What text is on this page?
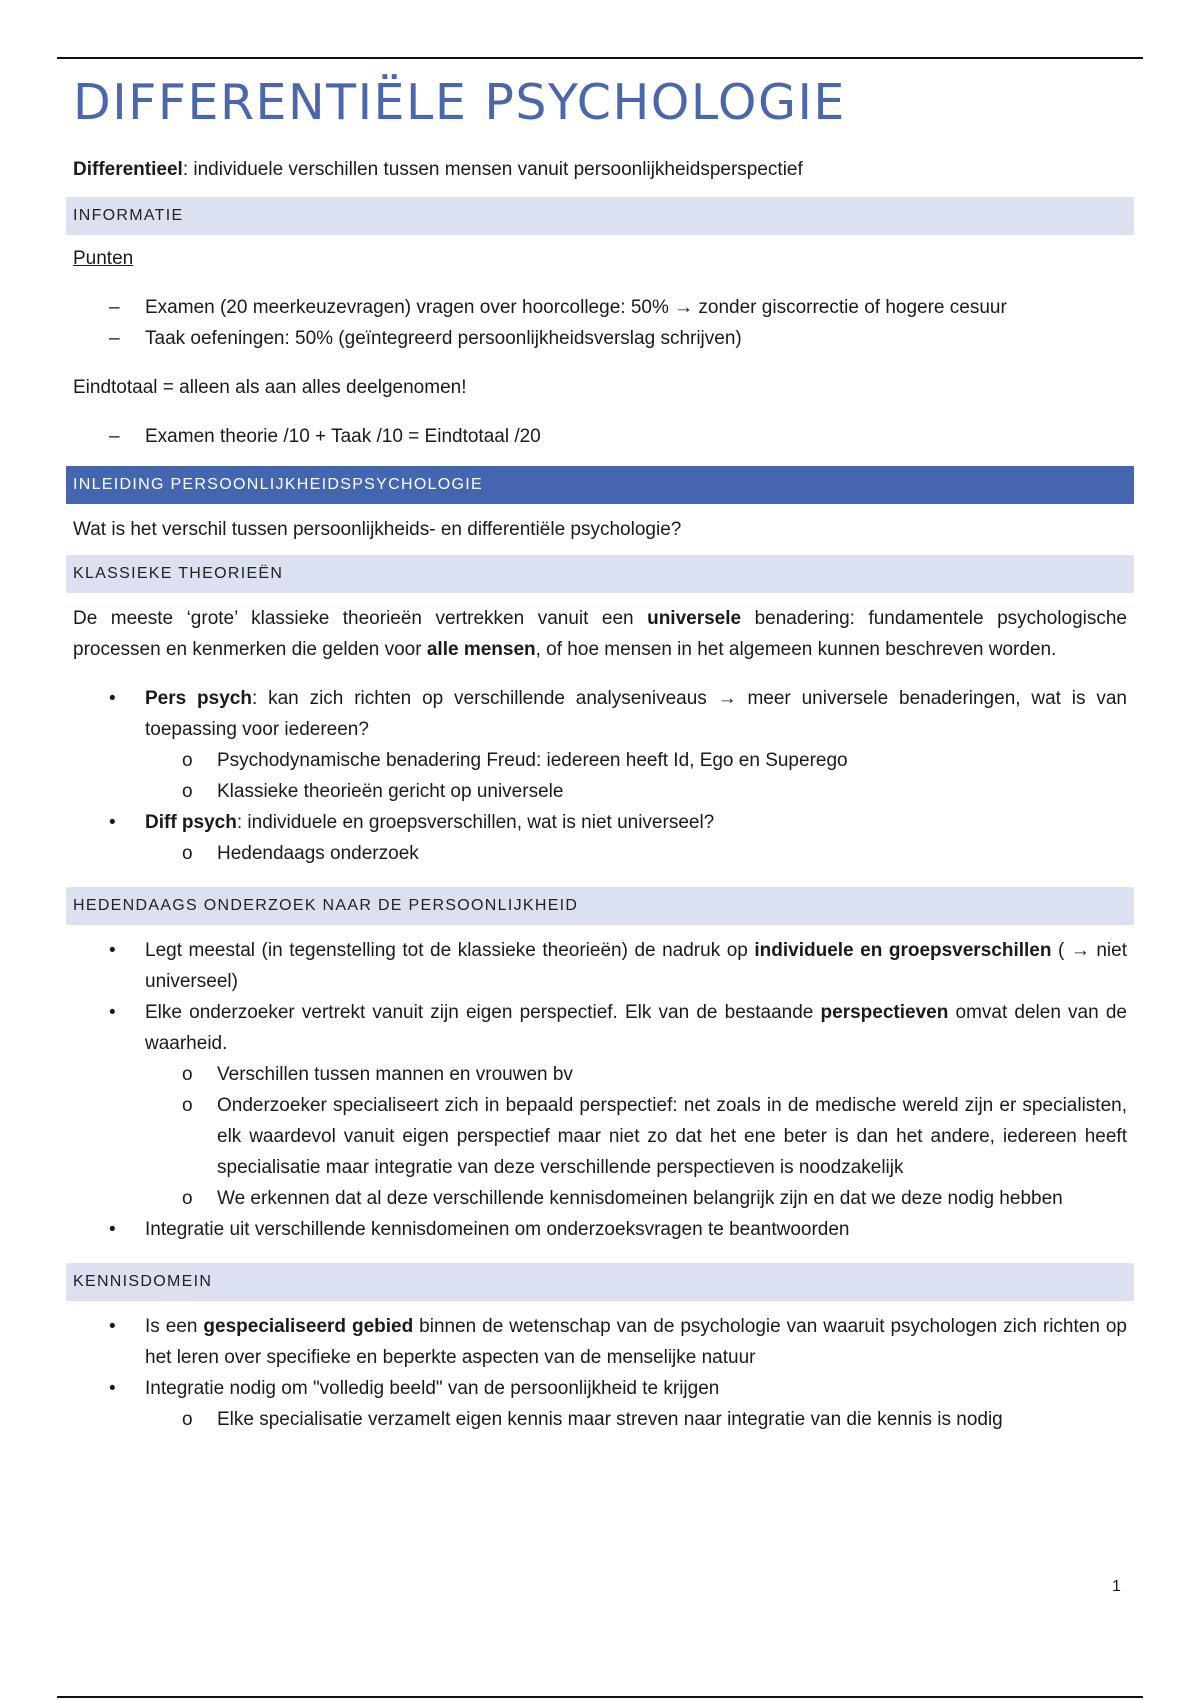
DIFFERENTIËLE PSYCHOLOGIE

Differentieel: individuele verschillen tussen mensen vanuit persoonlijkheidsperspectief

INFORMATIE

Punten

– Examen (20 meerkeuzevragen) vragen over hoorcollege: 50% → zonder giscorrectie of hogere cesuur
– Taak oefeningen: 50% (geïntegreerd persoonlijkheidsverslag schrijven)

Eindtotaal = alleen als aan alles deelgenomen!

– Examen theorie /10 + Taak /10 = Eindtotaal /20
INLEIDING PERSOONLIJKHEIDSPSYCHOLOGIE

Wat is het verschil tussen persoonlijkheids- en differentiële psychologie?

KLASSIEKE THEORIEËN

De meeste ‘grote’ klassieke theorieën vertrekken vanuit een universele benadering: fundamentele psychologische processen en kenmerken die gelden voor alle mensen, of hoe mensen in het algemeen kunnen beschreven worden.

• Pers psych: kan zich richten op verschillende analyseniveaus → meer universele benaderingen, wat is van toepassing voor iedereen?
o Psychodynamische benadering Freud: iedereen heeft Id, Ego en Superego
o Klassieke theorieën gericht op universele
• Diff psych: individuele en groepsverschillen, wat is niet universeel?
o Hedendaags onderzoek
HEDENDAAGS ONDERZOEK NAAR DE PERSOONLIJKHEID
• Legt meestal (in tegenstelling tot de klassieke theorieën) de nadruk op individuele en groepsverschillen ( → niet universeel)
• Elke onderzoeker vertrekt vanuit zijn eigen perspectief. Elk van de bestaande perspectieven omvat delen van de waarheid.
o Verschillen tussen mannen en vrouwen bv
o Onderzoeker specialiseert zich in bepaald perspectief: net zoals in de medische wereld zijn er specialisten, elk waardevol vanuit eigen perspectief maar niet zo dat het ene beter is dan het andere, iedereen heeft specialisatie maar integratie van deze verschillende perspectieven is noodzakelijk
o We erkennen dat al deze verschillende kennisdomeinen belangrijk zijn en dat we deze nodig hebben
• Integratie uit verschillende kennisdomeinen om onderzoeksvragen te beantwoorden
KENNISDOMEIN
• Is een gespecialiseerd gebied binnen de wetenschap van de psychologie van waaruit psychologen zich richten op het leren over specifieke en beperkte aspecten van de menselijke natuur
• Integratie nodig om "volledig beeld" van de persoonlijkheid te krijgen
o Elke specialisatie verzamelt eigen kennis maar streven naar integratie van die kennis is nodig
1
